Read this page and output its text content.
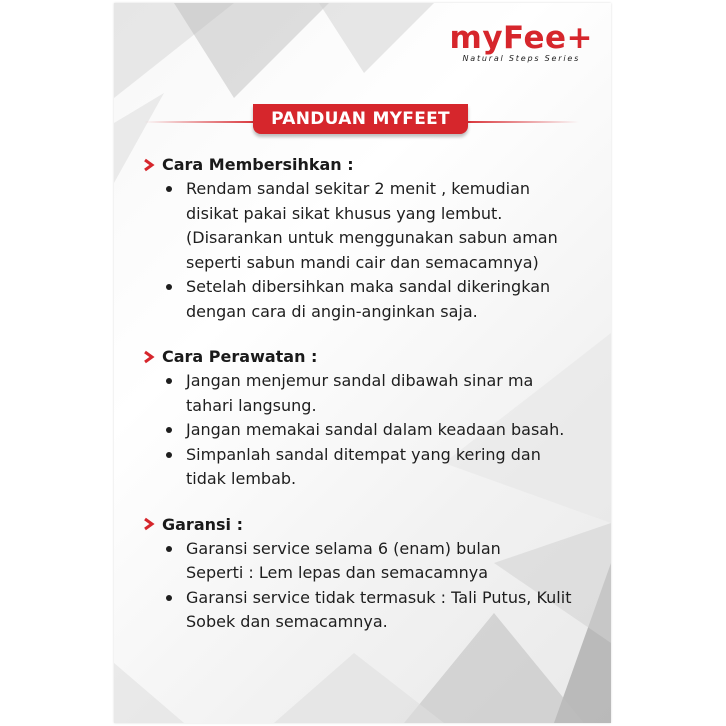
myFee+
Natural Steps Series
PANDUAN MYFEET
Cara Membersihkan :
Rendam sandal sekitar 2 menit , kemudian
disikat pakai sikat khusus yang lembut.
(Disarankan untuk menggunakan sabun aman
seperti sabun mandi cair dan semacamnya)
Setelah dibersihkan maka sandal dikeringkan
dengan cara di angin-anginkan saja.
Cara Perawatan :
Jangan menjemur sandal dibawah sinar ma
tahari langsung.
Jangan memakai sandal dalam keadaan basah.
Simpanlah sandal ditempat yang kering dan
tidak lembab.
Garansi :
Garansi service selama 6 (enam) bulan
Seperti : Lem lepas dan semacamnya
Garansi service tidak termasuk : Tali Putus, Kulit
Sobek dan semacamnya.
